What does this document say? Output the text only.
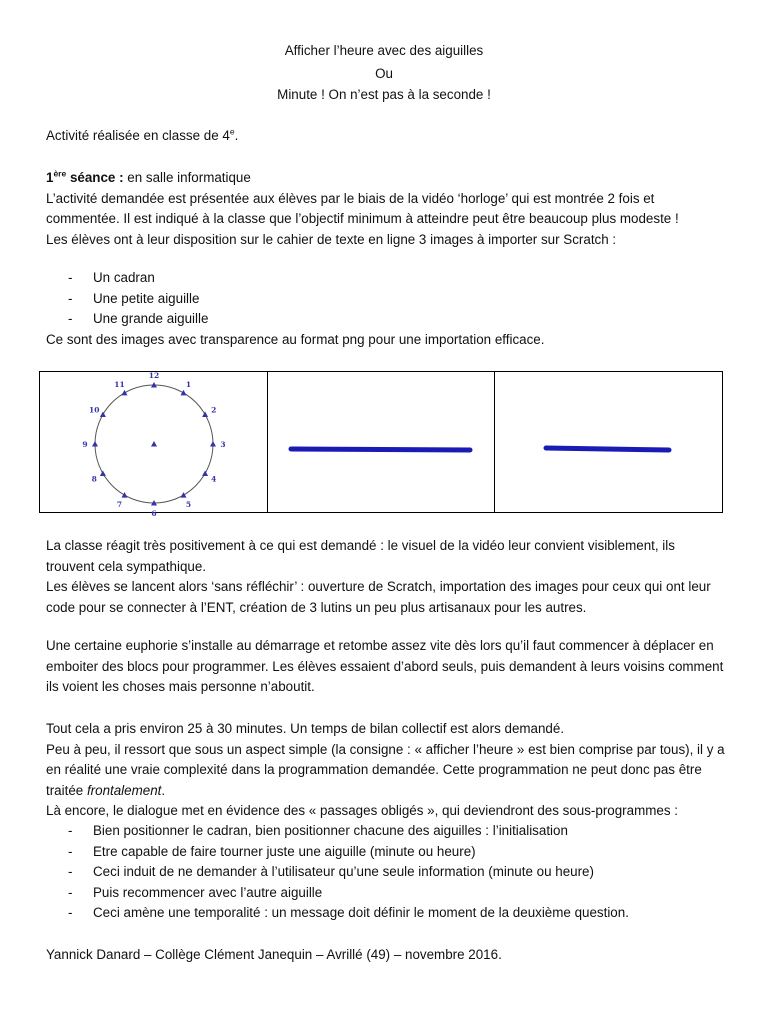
Afficher l’heure avec des aiguilles
Ou
Minute ! On n’est pas à la seconde !
Activité réalisée en classe de 4e.
1ère séance : en salle informatique
L’activité demandée est présentée aux élèves par le biais de la vidéo ‘horloge’ qui est montrée 2 fois et commentée. Il est indiqué à la classe que l’objectif minimum à atteindre peut être beaucoup plus modeste !
Les élèves ont à leur disposition sur le cahier de texte en ligne 3 images à importer sur Scratch :
- Un cadran
- Une petite aiguille
- Une grande aiguille
Ce sont des images avec transparence au format png pour une importation efficace.
12
1
2
3
4
5
6
7
8
9
10
11
La classe réagit très positivement à ce qui est demandé : le visuel de la vidéo leur convient visiblement, ils trouvent cela sympathique.
Les élèves se lancent alors ‘sans réfléchir’ : ouverture de Scratch, importation des images pour ceux qui ont leur code pour se connecter à l’ENT, création de 3 lutins un peu plus artisanaux pour les autres.
Une certaine euphorie s’installe au démarrage et retombe assez vite dès lors qu’il faut commencer à déplacer en emboiter des blocs pour programmer. Les élèves essaient d’abord seuls, puis demandent à leurs voisins comment ils voient les choses mais personne n’aboutit.
Tout cela a pris environ 25 à 30 minutes. Un temps de bilan collectif est alors demandé.
Peu à peu, il ressort que sous un aspect simple (la consigne : « afficher l’heure » est bien comprise par tous), il y a en réalité une vraie complexité dans la programmation demandée. Cette programmation ne peut donc pas être traitée frontalement.
Là encore, le dialogue met en évidence des « passages obligés », qui deviendront des sous-programmes :
- Bien positionner le cadran, bien positionner chacune des aiguilles : l’initialisation
- Etre capable de faire tourner juste une aiguille (minute ou heure)
- Ceci induit de ne demander à l’utilisateur qu’une seule information (minute ou heure)
- Puis recommencer avec l’autre aiguille
- Ceci amène une temporalité : un message doit définir le moment de la deuxième question.
Yannick Danard – Collège Clément Janequin – Avrillé (49) – novembre 2016.
